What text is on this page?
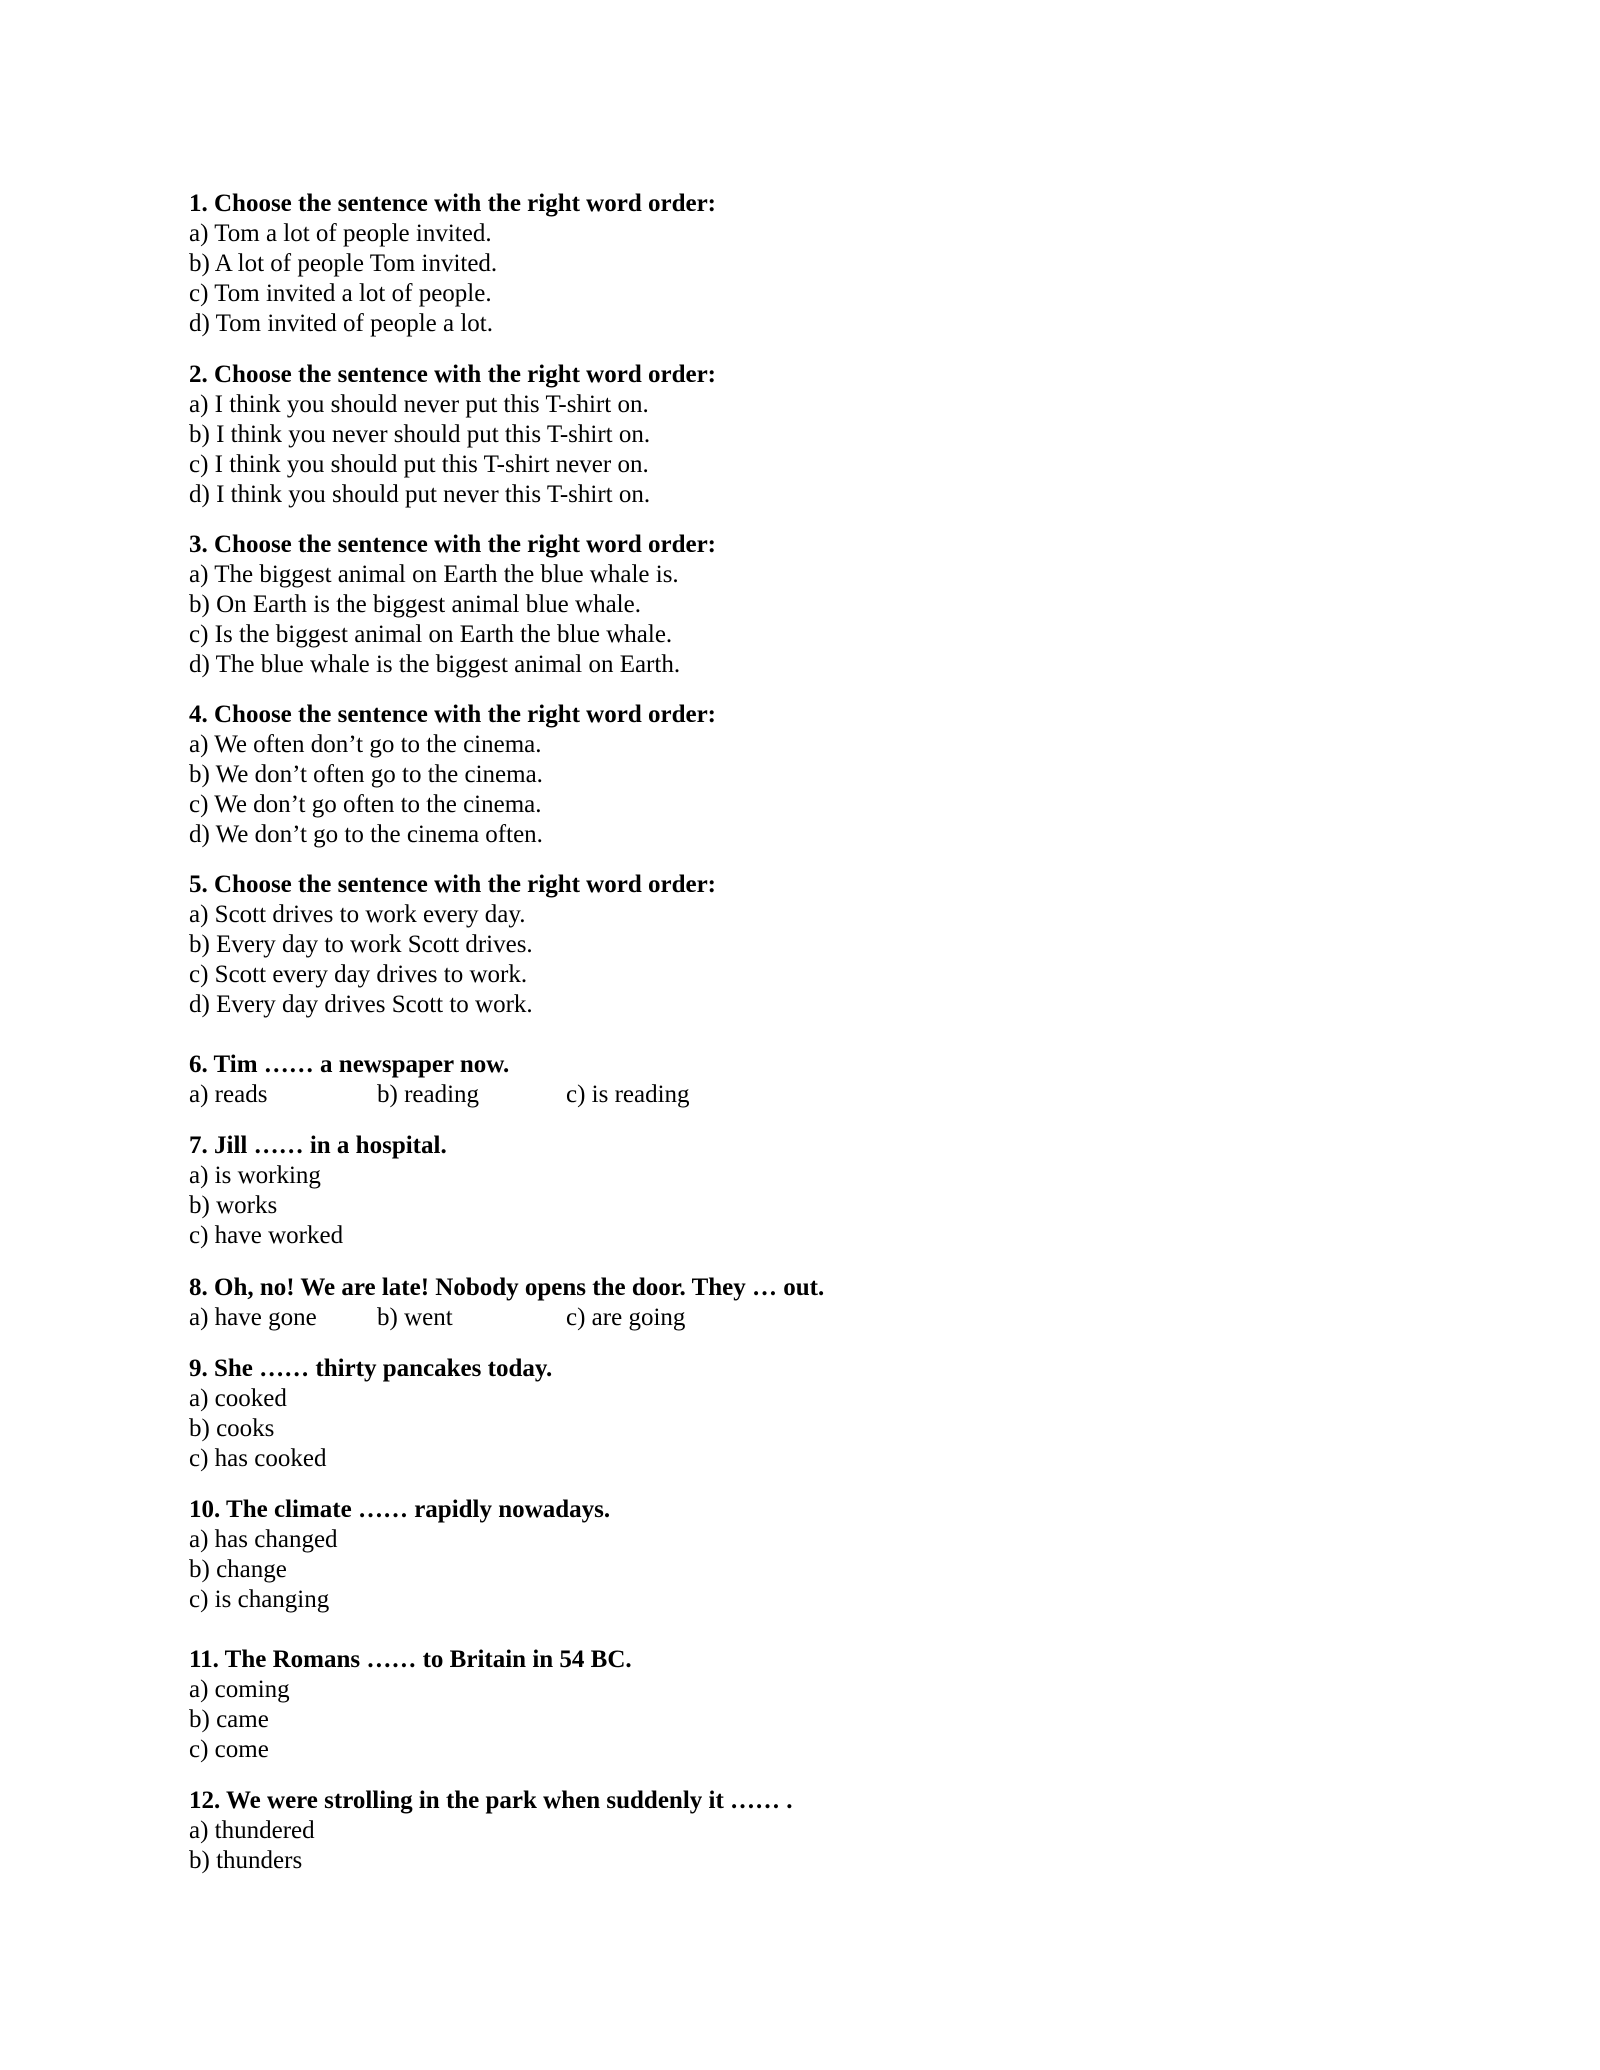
1. Choose the sentence with the right word order:
a) Tom a lot of people invited.
b) A lot of people Tom invited.
c) Tom invited a lot of people.
d) Tom invited of people a lot.
2. Choose the sentence with the right word order:
a) I think you should never put this T-shirt on.
b) I think you never should put this T-shirt on.
c) I think you should put this T-shirt never on.
d) I think you should put never this T-shirt on.
3. Choose the sentence with the right word order:
a) The biggest animal on Earth the blue whale is.
b) On Earth is the biggest animal blue whale.
c) Is the biggest animal on Earth the blue whale.
d) The blue whale is the biggest animal on Earth.
4. Choose the sentence with the right word order:
a) We often don’t go to the cinema.
b) We don’t often go to the cinema.
c) We don’t go often to the cinema.
d) We don’t go to the cinema often.
5. Choose the sentence with the right word order:
a) Scott drives to work every day.
b) Every day to work Scott drives.
c) Scott every day drives to work.
d) Every day drives Scott to work.
6. Tim …… a newspaper now.
a) reads	b) reading	c) is reading
7. Jill …… in a hospital.
a) is working
b) works
c) have worked
8. Oh, no! We are late! Nobody opens the door. They … out.
a) have gone b) went	c) are going
9. She …… thirty pancakes today.
a) cooked
b) cooks
c) has cooked
10. The climate …… rapidly nowadays.
a) has changed
b) change
c) is changing
11. The Romans …… to Britain in 54 BC.
a) coming
b) came
c) come
12. We were strolling in the park when suddenly it …… .
a) thundered
b) thunders
